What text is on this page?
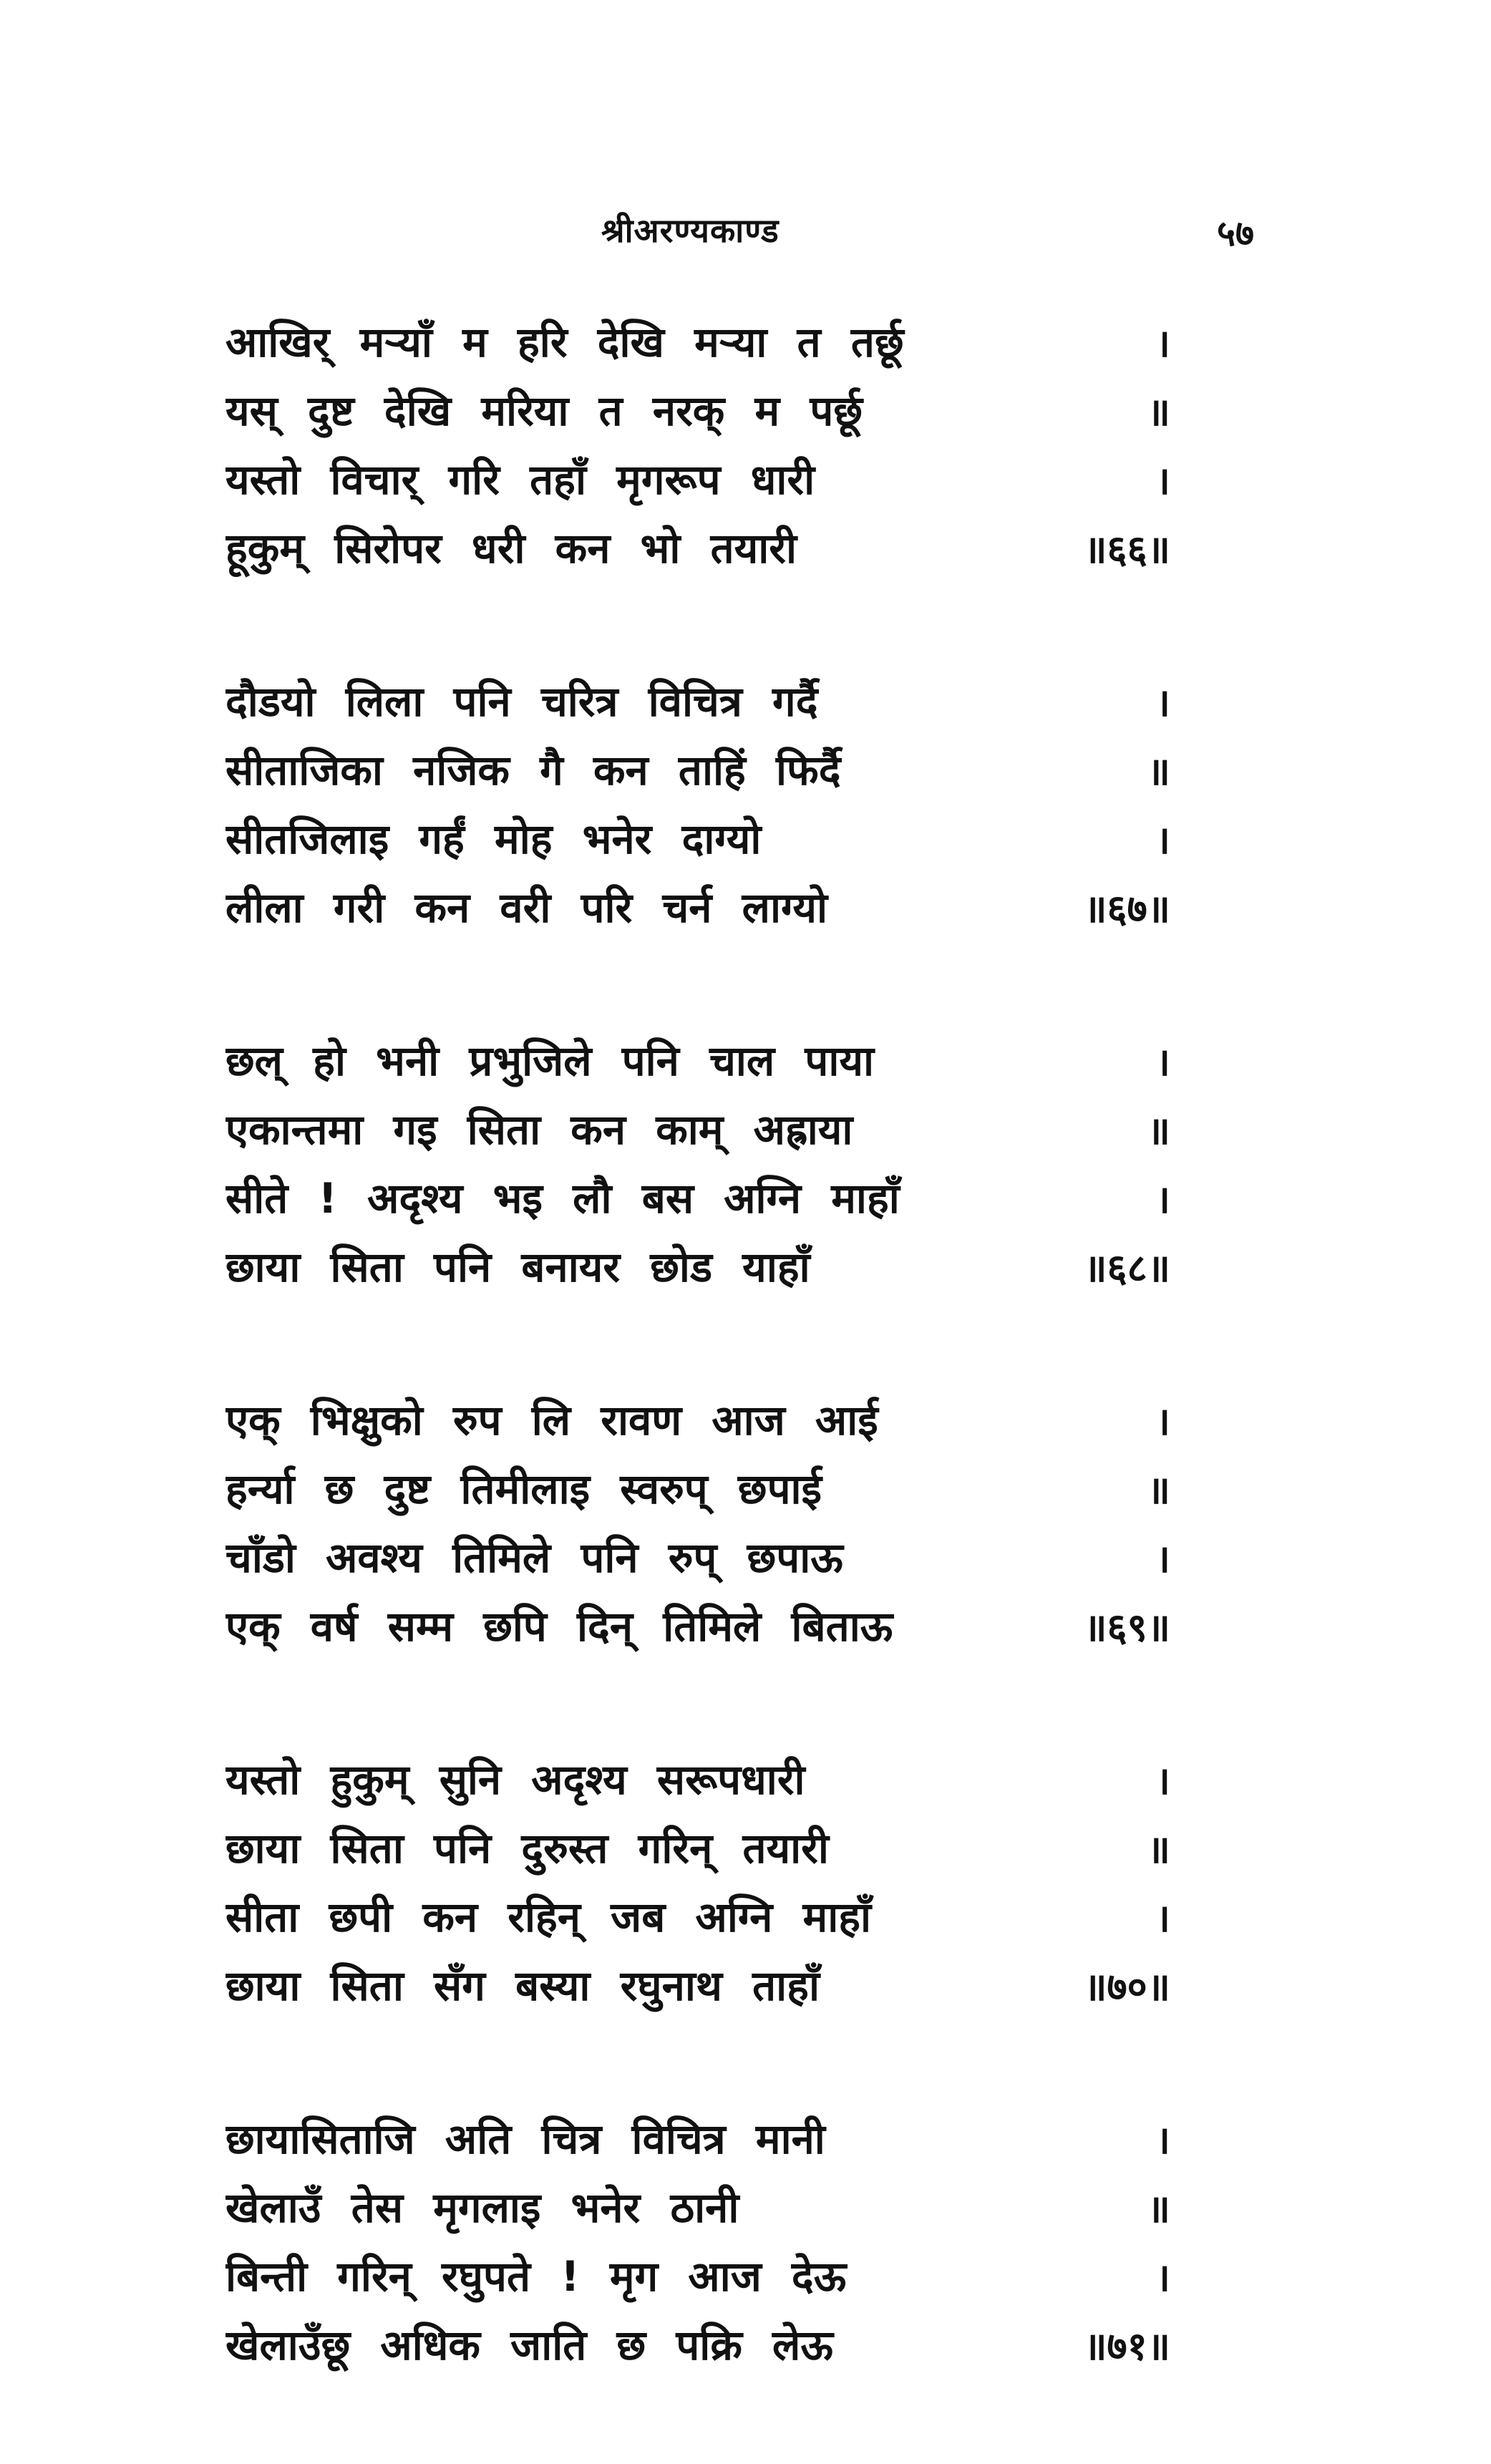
श्रीअरण्यकाण्ड	५७
आखिर् मर्‍याँ म हरि देखि मर्‍या त तर्छू	।
यस् दुष्ट देखि मरिया त नरक् म पर्छू	॥
यस्तो विचार् गरि तहाँ मृगरूप धारी	।
हूकुम् सिरोपर धरी कन भो तयारी	॥६६॥
दौडयो लिला पनि चरित्र विचित्र गर्दै	।
सीताजिका नजिक गै कन ताहिं फिर्दै	॥
सीतजिलाइ गर्हं मोह भनेर दाग्यो	।
लीला गरी कन वरी परि चर्न लाग्यो	॥६७॥
छल् हो भनी प्रभुजिले पनि चाल पाया	।
एकान्तमा गइ सिता कन काम् अह्राया	॥
सीते ! अदृश्य भइ लौ बस अग्नि माहाँ	।
छाया सिता पनि बनायर छोड याहाँ	॥६८॥
एक् भिक्षुको रुप लि रावण आज आई	।
हर्न्या छ दुष्ट तिमीलाइ स्वरुप् छपाई	॥
चाँडो अवश्य तिमिले पनि रुप् छपाऊ	।
एक् वर्ष सम्म छपि दिन् तिमिले बिताऊ	॥६९॥
यस्तो हुकुम् सुनि अदृश्य सरूपधारी	।
छाया सिता पनि दुरुस्त गरिन् तयारी	॥
सीता छपी कन रहिन् जब अग्नि माहाँ	।
छाया सिता सँग बस्या रघुनाथ ताहाँ	॥७०॥
छायासिताजि अति चित्र विचित्र मानी	।
खेलाउँ तेस मृगलाइ भनेर ठानी	॥
बिन्ती गरिन् रघुपते ! मृग आज देऊ	।
खेलाउँछू अधिक जाति छ पक्रि लेऊ	॥७१॥
